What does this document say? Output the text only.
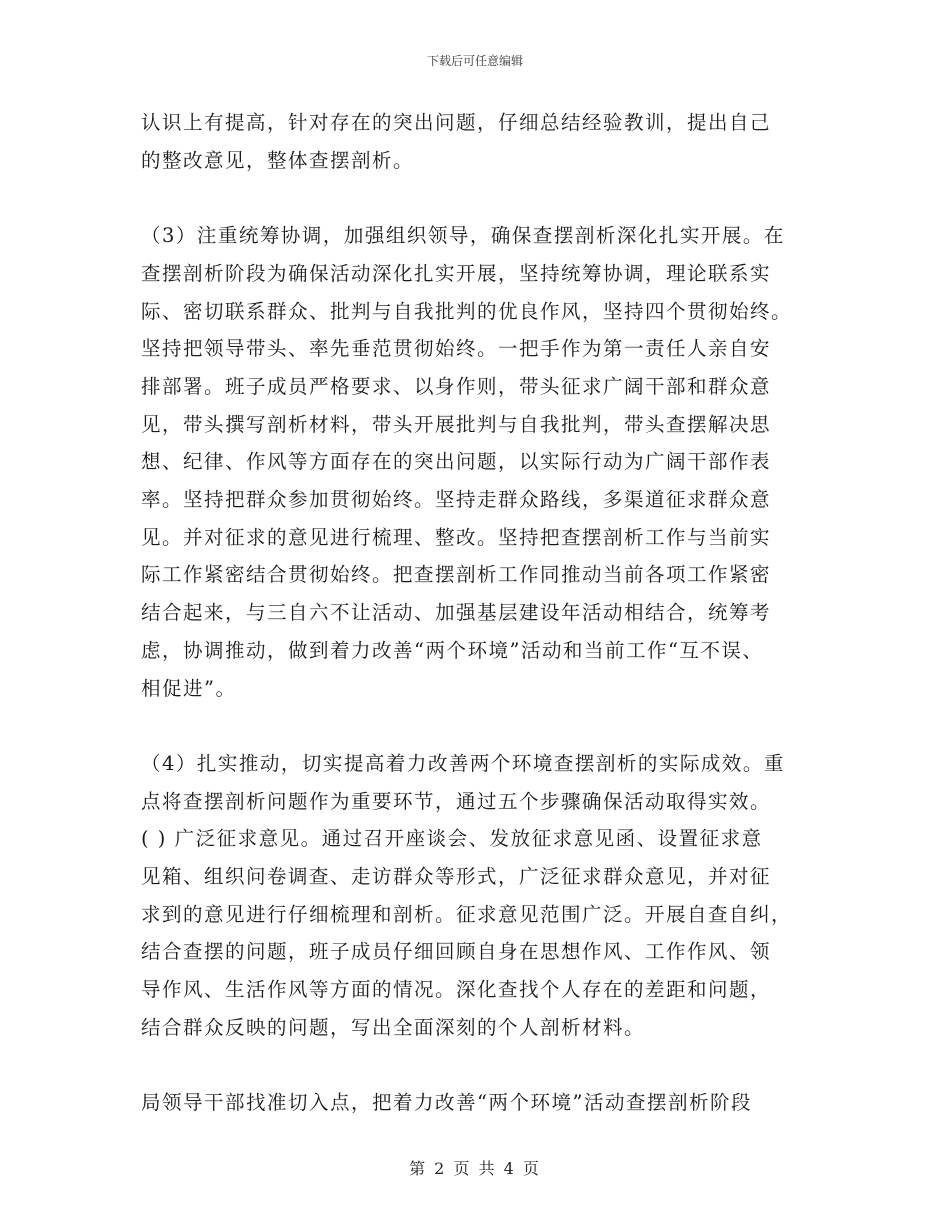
下载后可任意编辑

认识上有提高，针对存在的突出问题，仔细总结经验教训，提出自己
的整改意见，整体查摆剖析。

（3）注重统筹协调，加强组织领导，确保查摆剖析深化扎实开展。在
查摆剖析阶段为确保活动深化扎实开展，坚持统筹协调，理论联系实
际、密切联系群众、批判与自我批判的优良作风，坚持四个贯彻始终。
坚持把领导带头、率先垂范贯彻始终。一把手作为第一责任人亲自安
排部署。班子成员严格要求、以身作则，带头征求广阔干部和群众意
见，带头撰写剖析材料，带头开展批判与自我批判，带头查摆解决思
想、纪律、作风等方面存在的突出问题，以实际行动为广阔干部作表
率。坚持把群众参加贯彻始终。坚持走群众路线，多渠道征求群众意
见。并对征求的意见进行梳理、整改。坚持把查摆剖析工作与当前实
际工作紧密结合贯彻始终。把查摆剖析工作同推动当前各项工作紧密
结合起来，与三自六不让活动、加强基层建设年活动相结合，统筹考
虑，协调推动，做到着力改善“两个环境”活动和当前工作“互不误、
相促进”。

（4）扎实推动，切实提高着力改善两个环境查摆剖析的实际成效。重
点将查摆剖析问题作为重要环节，通过五个步骤确保活动取得实效。
( ) 广泛征求意见。通过召开座谈会、发放征求意见函、设置征求意
见箱、组织问卷调查、走访群众等形式，广泛征求群众意见，并对征
求到的意见进行仔细梳理和剖析。征求意见范围广泛。开展自查自纠，
结合查摆的问题，班子成员仔细回顾自身在思想作风、工作作风、领
导作风、生活作风等方面的情况。深化查找个人存在的差距和问题，
结合群众反映的问题，写出全面深刻的个人剖析材料。

局领导干部找准切入点，把着力改善“两个环境”活动查摆剖析阶段

第 2 页 共 4 页
